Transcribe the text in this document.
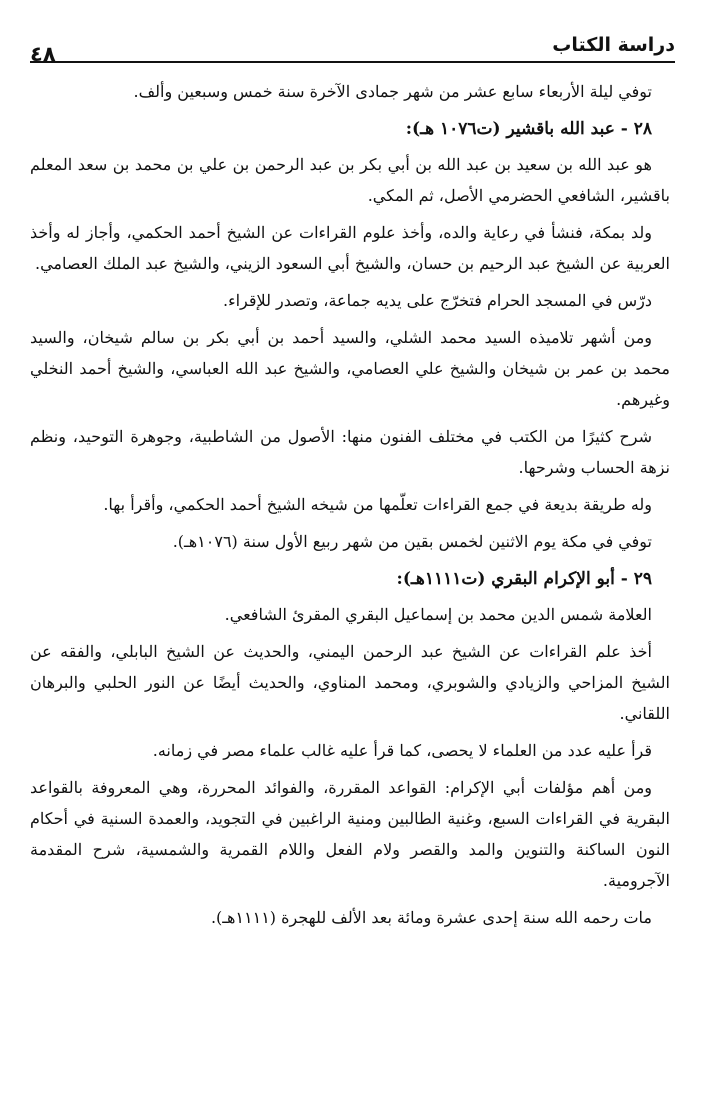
٤٨	دراسة الكتاب

توفي ليلة الأربعاء سابع عشر من شهر جمادى الآخرة سنة خمس وسبعين وألف.

٢٨ - عبد الله باقشير (ت١٠٧٦ هـ):

هو عبد الله بن سعيد بن عبد الله بن أبي بكر بن عبد الرحمن بن علي بن محمد بن سعد المعلم باقشير، الشافعي الحضرمي الأصل، ثم المكي.

ولد بمكة، فنشأ في رعاية والده، وأخذ علوم القراءات عن الشيخ أحمد الحكمي، وأجاز له وأخذ العربية عن الشيخ عبد الرحيم بن حسان، والشيخ أبي السعود الزيني، والشيخ عبد الملك العصامي.

درّس في المسجد الحرام فتخرّج على يديه جماعة، وتصدر للإقراء.

ومن أشهر تلاميذه السيد محمد الشلي، والسيد أحمد بن أبي بكر بن سالم شيخان، والسيد محمد بن عمر بن شيخان والشيخ علي العصامي، والشيخ عبد الله العباسي، والشيخ أحمد النخلي وغيرهم.

شرح كثيرًا من الكتب في مختلف الفنون منها: الأصول من الشاطبية، وجوهرة التوحيد، ونظم نزهة الحساب وشرحها.

وله طريقة بديعة في جمع القراءات تعلّمها من شيخه الشيخ أحمد الحكمي، وأقرأ بها.

توفي في مكة يوم الاثنين لخمس بقين من شهر ربيع الأول سنة (١٠٧٦هـ).

٢٩ - أبو الإكرام البقري (ت١١١١هـ):

العلامة شمس الدين محمد بن إسماعيل البقري المقرئ الشافعي.

أخذ علم القراءات عن الشيخ عبد الرحمن اليمني، والحديث عن الشيخ البابلي، والفقه عن الشيخ المزاحي والزيادي والشوبري، ومحمد المناوي، والحديث أيضًا عن النور الحلبي والبرهان اللقاني.

قرأ عليه عدد من العلماء لا يحصى، كما قرأ عليه غالب علماء مصر في زمانه.

ومن أهم مؤلفات أبي الإكرام: القواعد المقررة، والفوائد المحررة، وهي المعروفة بالقواعد البقرية في القراءات السبع، وغنية الطالبين ومنية الراغبين في التجويد، والعمدة السنية في أحكام النون الساكنة والتنوين والمد والقصر ولام الفعل واللام القمرية والشمسية، شرح المقدمة الآجرومية.

مات رحمه الله سنة إحدى عشرة ومائة بعد الألف للهجرة (١١١١هـ).
